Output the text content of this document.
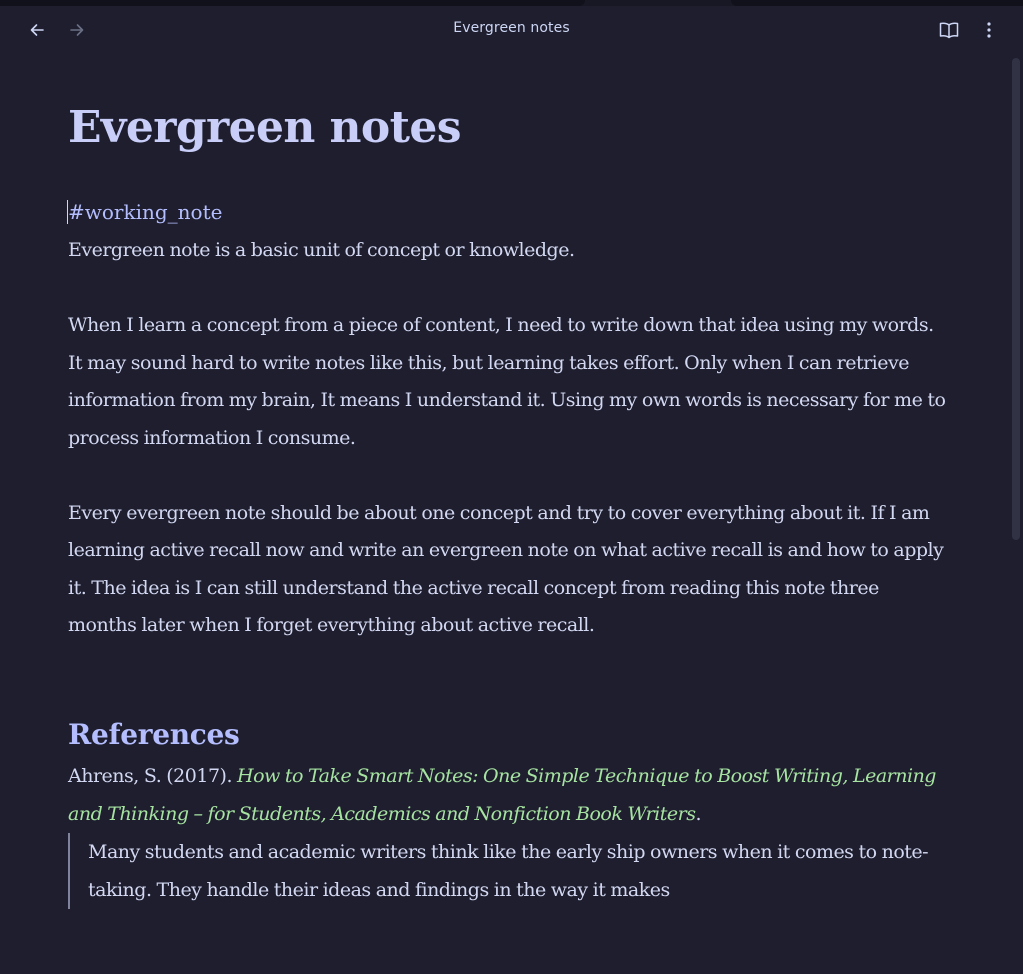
Evergreen notes
Evergreen notes
#working_note

Evergreen note is a basic unit of concept or knowledge.

When I learn a concept from a piece of content, I need to write down that idea using my words. It may sound hard to write notes like this, but learning takes effort. Only when I can retrieve information from my brain, It means I understand it. Using my own words is necessary for me to process information I consume.

Every evergreen note should be about one concept and try to cover everything about it. If I am learning active recall now and write an evergreen note on what active recall is and how to apply it. The idea is I can still understand the active recall concept from reading this note three months later when I forget everything about active recall.

References

Ahrens, S. (2017). How to Take Smart Notes: One Simple Technique to Boost Writing, Learning and Thinking – for Students, Academics and Nonfiction Book Writers.

Many students and academic writers think like the early ship owners when it comes to note-taking. They handle their ideas and findings in the way it makes
